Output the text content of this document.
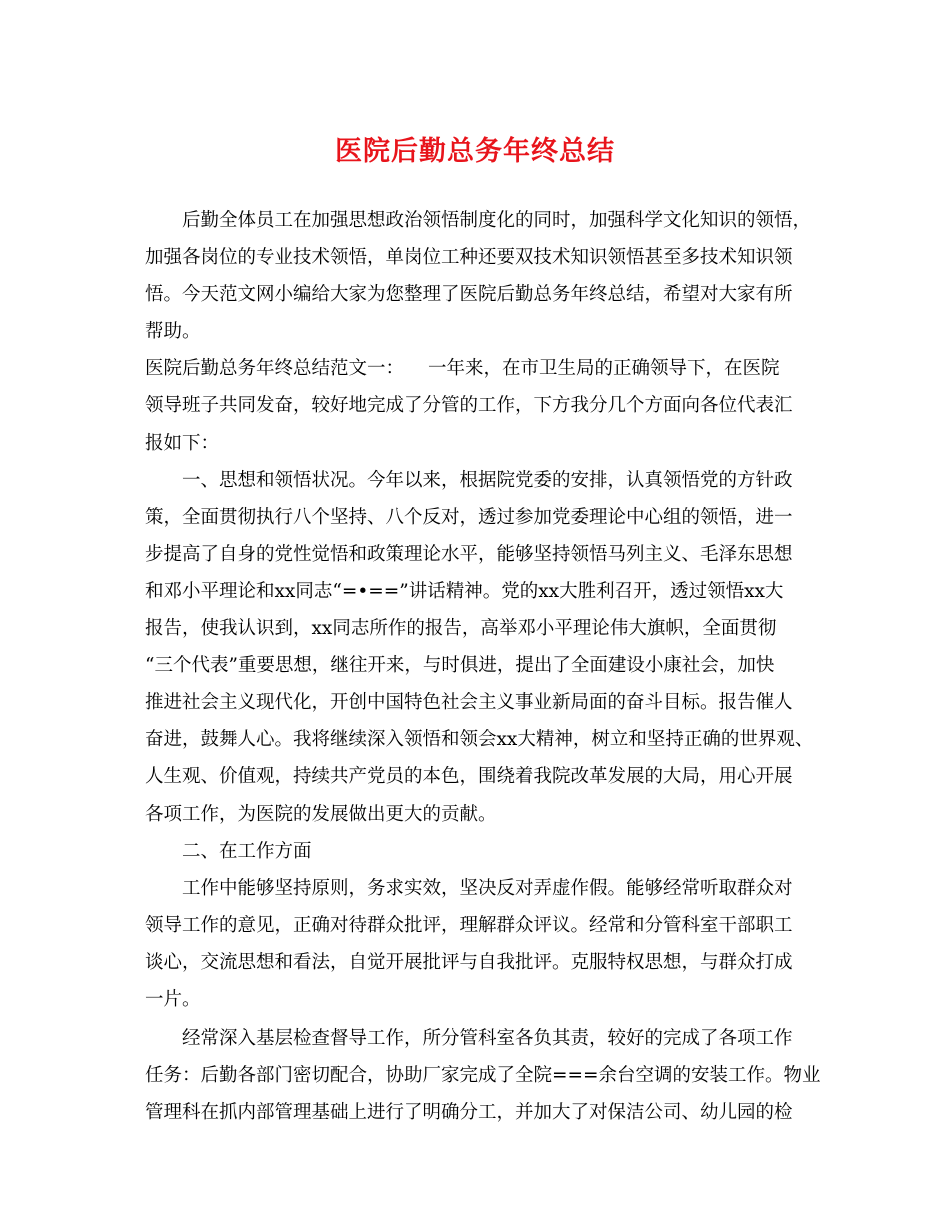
医院后勤总务年终总结
后勤全体员工在加强思想政治领悟制度化的同时，加强科学文化知识的领悟，
加强各岗位的专业技术领悟，单岗位工种还要双技术知识领悟甚至多技术知识领
悟。今天范文网小编给大家为您整理了医院后勤总务年终总结，希望对大家有所
帮助。
医院后勤总务年终总结范文一： 一年来，在市卫生局的正确领导下，在医院
领导班子共同发奋，较好地完成了分管的工作，下方我分几个方面向各位代表汇
报如下：
一、思想和领悟状况。今年以来，根据院党委的安排，认真领悟党的方针政
策，全面贯彻执行八个坚持、八个反对，透过参加党委理论中心组的领悟，进一
步提高了自身的党性觉悟和政策理论水平，能够坚持领悟马列主义、毛泽东思想
和邓小平理论和xx同志“=•==”讲话精神。党的xx大胜利召开，透过领悟xx大
报告，使我认识到，xx同志所作的报告，高举邓小平理论伟大旗帜，全面贯彻
“三个代表”重要思想，继往开来，与时俱进，提出了全面建设小康社会，加快
推进社会主义现代化，开创中国特色社会主义事业新局面的奋斗目标。报告催人
奋进，鼓舞人心。我将继续深入领悟和领会xx大精神，树立和坚持正确的世界观、
人生观、价值观，持续共产党员的本色，围绕着我院改革发展的大局，用心开展
各项工作，为医院的发展做出更大的贡献。
二、在工作方面
工作中能够坚持原则，务求实效，坚决反对弄虚作假。能够经常听取群众对
领导工作的意见，正确对待群众批评，理解群众评议。经常和分管科室干部职工
谈心，交流思想和看法，自觉开展批评与自我批评。克服特权思想，与群众打成
一片。
经常深入基层检查督导工作，所分管科室各负其责，较好的完成了各项工作
任务：后勤各部门密切配合，协助厂家完成了全院===余台空调的安装工作。物业
管理科在抓内部管理基础上进行了明确分工，并加大了对保洁公司、幼儿园的检
